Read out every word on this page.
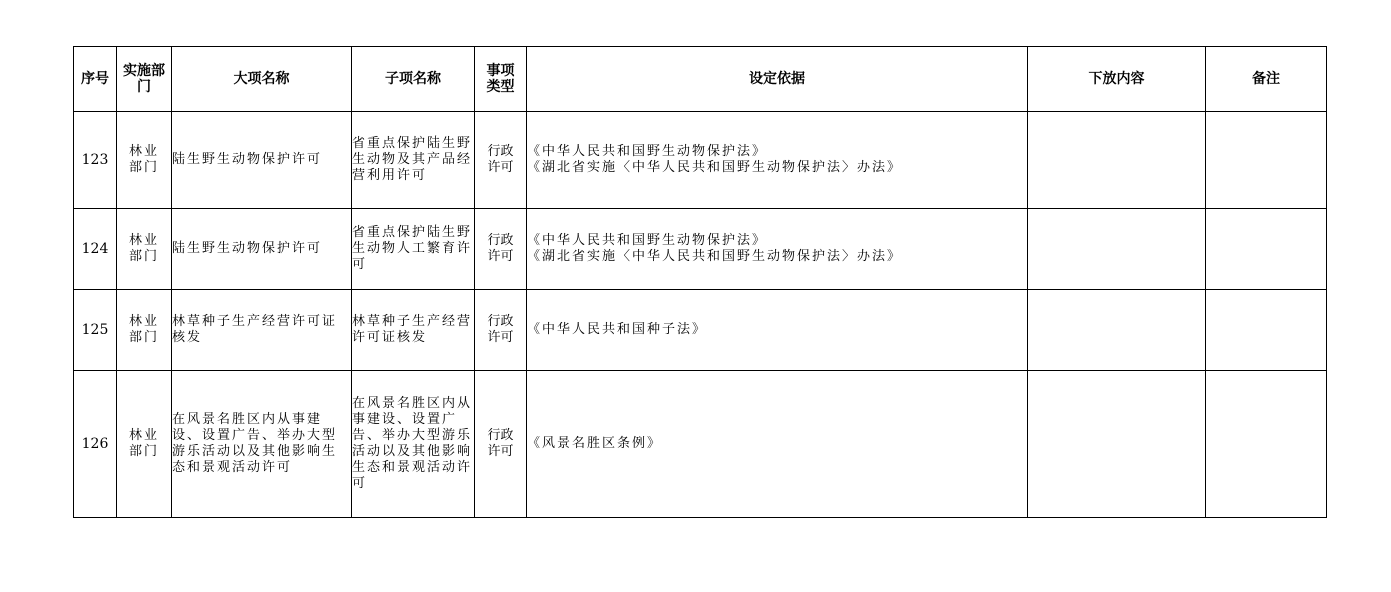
序号	实施部门	大项名称	子项名称	事项类型	设定依据	下放内容	备注
123	林业部门	陆生野生动物保护许可	省重点保护陆生野生动物及其产品经营利用许可	行政许可	《中华人民共和国野生动物保护法》
《湖北省实施〈中华人民共和国野生动物保护法〉办法》		

124	林业部门	陆生野生动物保护许可	省重点保护陆生野生动物人工繁育许可	行政许可	《中华人民共和国野生动物保护法》
《湖北省实施〈中华人民共和国野生动物保护法〉办法》		

125	林业部门	林草种子生产经营许可证核发	林草种子生产经营许可证核发	行政许可	《中华人民共和国种子法》		

126	林业部门	在风景名胜区内从事建设、设置广告、举办大型游乐活动以及其他影响生态和景观活动许可	在风景名胜区内从事建设、设置广告、举办大型游乐活动以及其他影响生态和景观活动许可	行政许可	《风景名胜区条例》		
